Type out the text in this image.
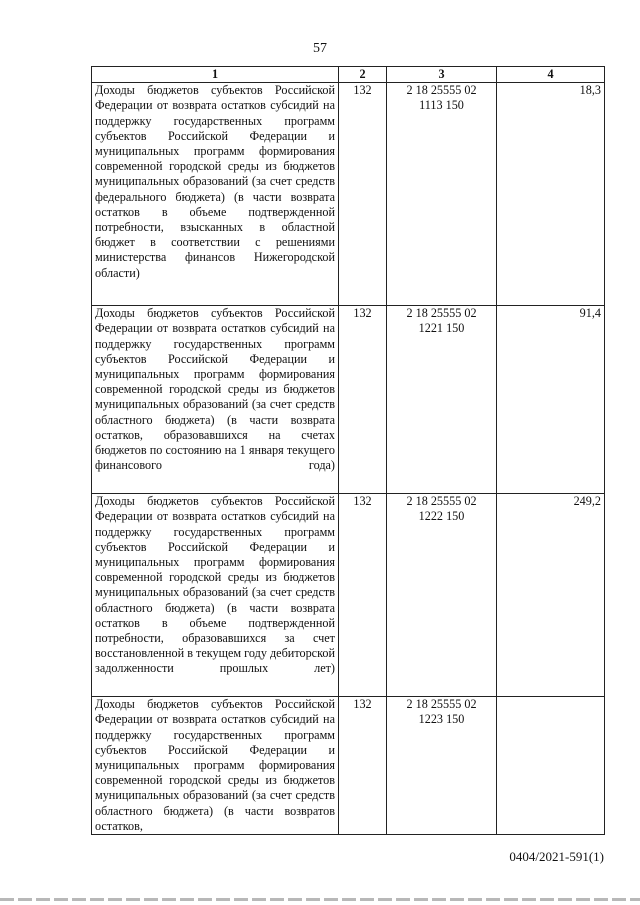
57
1	2	3	4
Доходы бюджетов субъектов Российской Федерации от возврата остатков субсидий на поддержку государственных программ субъектов Российской Федерации и муниципальных программ формирования современной городской среды из бюджетов муниципальных образований (за счет средств федерального бюджета) (в части возврата остатков в объеме подтвержденной потребности, взысканных в областной бюджет в соответствии с решениями министерства финансов Нижегородской области)	132	2 18 25555 02
1113 150	18,3
Доходы бюджетов субъектов Российской Федерации от возврата остатков субсидий на поддержку государственных программ субъектов Российской Федерации и муниципальных программ формирования современной городской среды из бюджетов муниципальных образований (за счет средств областного бюджета) (в части возврата остатков, образовавшихся на счетах бюджетов по состоянию на 1 января текущего финансового года)	132	2 18 25555 02
1221 150	91,4
Доходы бюджетов субъектов Российской Федерации от возврата остатков субсидий на поддержку государственных программ субъектов Российской Федерации и муниципальных программ формирования современной городской среды из бюджетов муниципальных образований (за счет средств областного бюджета) (в части возврата остатков в объеме подтвержденной потребности, образовавшихся за счет восстановленной в текущем году дебиторской задолженности прошлых лет)	132	2 18 25555 02
1222 150	249,2
Доходы бюджетов субъектов Российской Федерации от возврата остатков субсидий на поддержку государственных программ субъектов Российской Федерации и муниципальных программ формирования современной городской среды из бюджетов муниципальных образований (за счет средств областного бюджета) (в части возвратов остатков,	132	2 18 25555 02
1223 150	

0404/2021-591(1)
